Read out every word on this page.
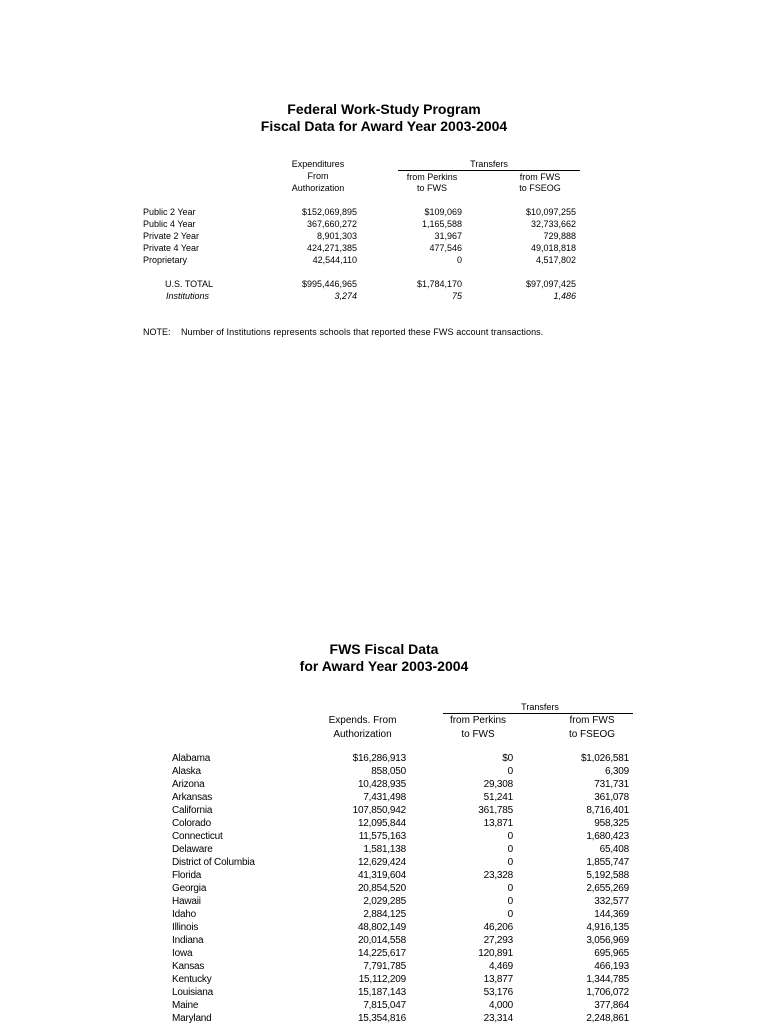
Federal Work-Study Program
Fiscal Data for Award Year 2003-2004
Expenditures
From
Authorization
Transfers
from Perkins
to FWS
from FWS
to FSEOG
Public 2 Year	$152,069,895	$109,069	$10,097,255
Public 4 Year	367,660,272	1,165,588	32,733,662
Private 2 Year	8,901,303	31,967	729,888
Private 4 Year	424,271,385	477,546	49,018,818
Proprietary	42,544,110	0	4,517,802
U.S. TOTAL	$995,446,965	$1,784,170	$97,097,425
Institutions	3,274	75	1,486
NOTE: Number of Institutions represents schools that reported these FWS account transactions.
FWS Fiscal Data
for Award Year 2003-2004
Transfers
Expends. From
Authorization
from Perkins
to FWS
from FWS
to FSEOG
Alabama	$16,286,913	$0	$1,026,581
Alaska	858,050	0	6,309
Arizona	10,428,935	29,308	731,731
Arkansas	7,431,498	51,241	361,078
California	107,850,942	361,785	8,716,401
Colorado	12,095,844	13,871	958,325
Connecticut	11,575,163	0	1,680,423
Delaware	1,581,138	0	65,408
District of Columbia	12,629,424	0	1,855,747
Florida	41,319,604	23,328	5,192,588
Georgia	20,854,520	0	2,655,269
Hawaii	2,029,285	0	332,577
Idaho	2,884,125	0	144,369
Illinois	48,802,149	46,206	4,916,135
Indiana	20,014,558	27,293	3,056,969
Iowa	14,225,617	120,891	695,965
Kansas	7,791,785	4,469	466,193
Kentucky	15,112,209	13,877	1,344,785
Louisiana	15,187,143	53,176	1,706,072
Maine	7,815,047	4,000	377,864
Maryland	15,354,816	23,314	2,248,861
